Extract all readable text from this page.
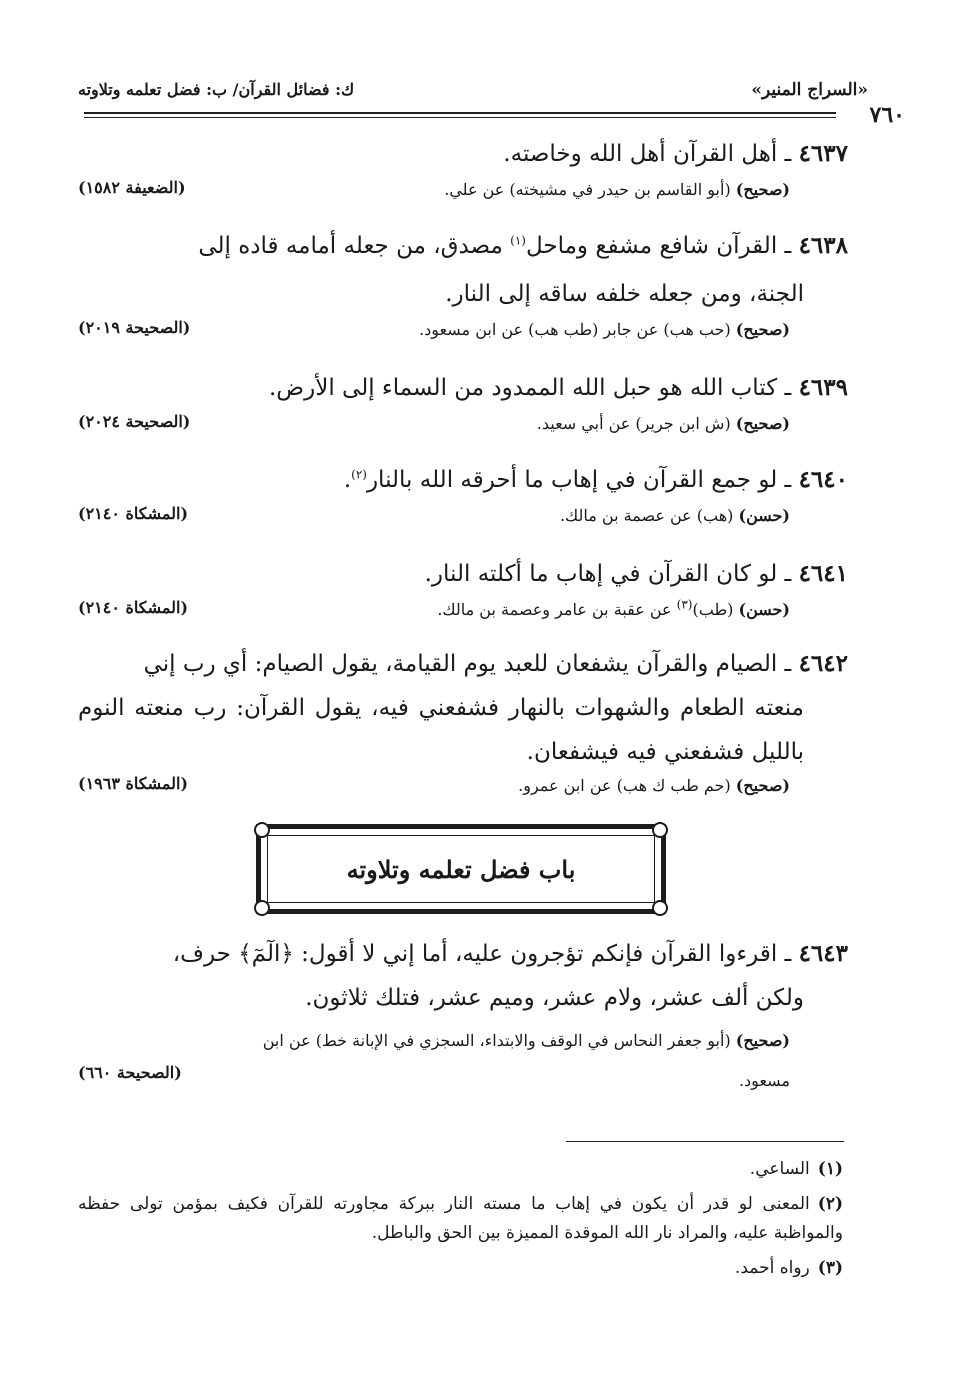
«السراج المنير»
ك: فضائل القرآن/ ب: فضل تعلمه وتلاوته
٧٦٠
٤٦٣٧ ـ أهل القرآن أهل الله وخاصته.
(صحيح) (أبو القاسم بن حيدر في مشيخته) عن علي.
(الضعيفة ١٥٨٢)
٤٦٣٨ ـ القرآن شافع مشفع وماحل$^{(١)}$ مصدق، من جعله أمامه قاده إلى
الجنة، ومن جعله خلفه ساقه إلى النار.
(صحيح) (حب هب) عن جابر (طب هب) عن ابن مسعود.
(الصحيحة ٢٠١٩)
٤٦٣٩ ـ كتاب الله هو حبل الله الممدود من السماء إلى الأرض.
(صحيح) (ش ابن جرير) عن أبي سعيد.
(الصحيحة ٢٠٢٤)
٤٦٤٠ ـ لو جمع القرآن في إهاب ما أحرقه الله بالنار$^{(٢)}$.
(حسن) (هب) عن عصمة بن مالك.
(المشكاة ٢١٤٠)
٤٦٤١ ـ لو كان القرآن في إهاب ما أكلته النار.
(حسن) (طب)$^{(٣)}$ عن عقبة بن عامر وعصمة بن مالك.
(المشكاة ٢١٤٠)
٤٦٤٢ ـ الصيام والقرآن يشفعان للعبد يوم القيامة، يقول الصيام: أي رب إني
منعته الطعام والشهوات بالنهار فشفعني فيه، يقول القرآن: رب منعته النوم بالليل فشفعني فيه فيشفعان.
(صحيح) (حم طب ك هب) عن ابن عمرو.
(المشكاة ١٩٦٣)
باب فضل تعلمه وتلاوته
٤٦٤٣ ـ اقرءوا القرآن فإنكم تؤجرون عليه، أما إني لا أقول: ﴿الٓمٓ﴾ حرف،
ولكن ألف عشر، ولام عشر، وميم عشر، فتلك ثلاثون.
(صحيح) (أبو جعفر النحاس في الوقف والابتداء، السجزي في الإبانة خط) عن ابن
مسعود.
(الصحيحة ٦٦٠)
(١)الساعي.
(٢)المعنى لو قدر أن يكون في إهاب ما مسته النار ببركة مجاورته للقرآن فكيف بمؤمن تولى حفظه والمواظبة عليه، والمراد نار الله الموقدة المميزة بين الحق والباطل.
(٣)رواه أحمد.
